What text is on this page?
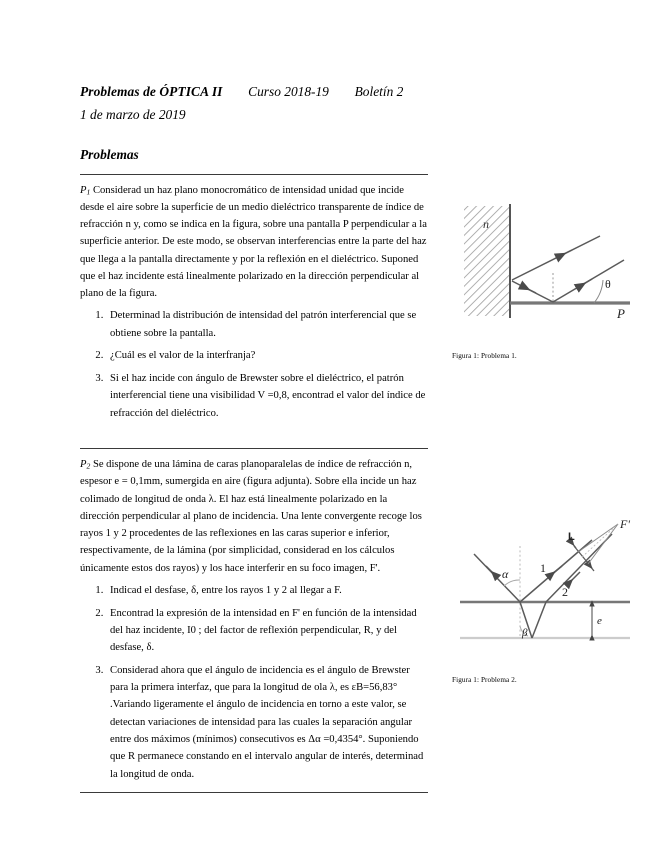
Problemas de ÓPTICA II Curso 2018-19 Boletín 2
1 de marzo de 2019
Problemas

$P_1$ Considerad un haz plano monocromático de intensidad unidad que incide desde el aire sobre la superficie de un medio dieléctrico transparente de índice de refracción n y, como se indica en la figura, sobre una pantalla P perpendicular a la superficie anterior. De este modo, se observan interferencias entre la parte del haz que llega a la pantalla directamente y por la reflexión en el dieléctrico. Suponed que el haz incidente está linealmente polarizado en la dirección perpendicular al plano de la figura.

1. Determinad la distribución de intensidad del patrón interferencial que se obtiene sobre la pantalla.
2. ¿Cuál es el valor de la interfranja?
3. Si el haz incide con ángulo de Brewster sobre el dieléctrico, el patrón interferencial tiene una visibilidad V =0,8, encontrad el valor del índice de refracción del dieléctrico.

$P_2$ Se dispone de una lámina de caras planoparalelas de índice de refracción n, espesor e = 0,1mm, sumergida en aire (figura adjunta). Sobre ella incide un haz colimado de longitud de onda λ. El haz está linealmente polarizado en la dirección perpendicular al plano de incidencia. Una lente convergente recoge los rayos 1 y 2 procedentes de las reflexiones en las caras superior e inferior, respectivamente, de la lámina (por simplicidad, considerad en los cálculos únicamente estos dos rayos) y los hace interferir en su foco imagen, F'.

1. Indicad el desfase, δ, entre los rayos 1 y 2 al llegar a F.
2. Encontrad la expresión de la intensidad en F' en función de la intensidad del haz incidente, I0 ; del factor de reflexión perpendicular, R, y del desfase, δ.
3. Considerad ahora que el ángulo de incidencia es el ángulo de Brewster para la primera interfaz, que para la longitud de ola λ, es εB=56,83° .Variando ligeramente el ángulo de incidencia en torno a este valor, se detectan variaciones de intensidad para las cuales la separación angular entre dos máximos (mínimos) consecutivos es Δα =0,4354°. Suponiendo que R permanece constando en el intervalo angular de interés, determinad la longitud de onda.
n
P
θ
Figura 1: Problema 1.
α	1
β
2
L
F'
e
Figura 1: Problema 2.
